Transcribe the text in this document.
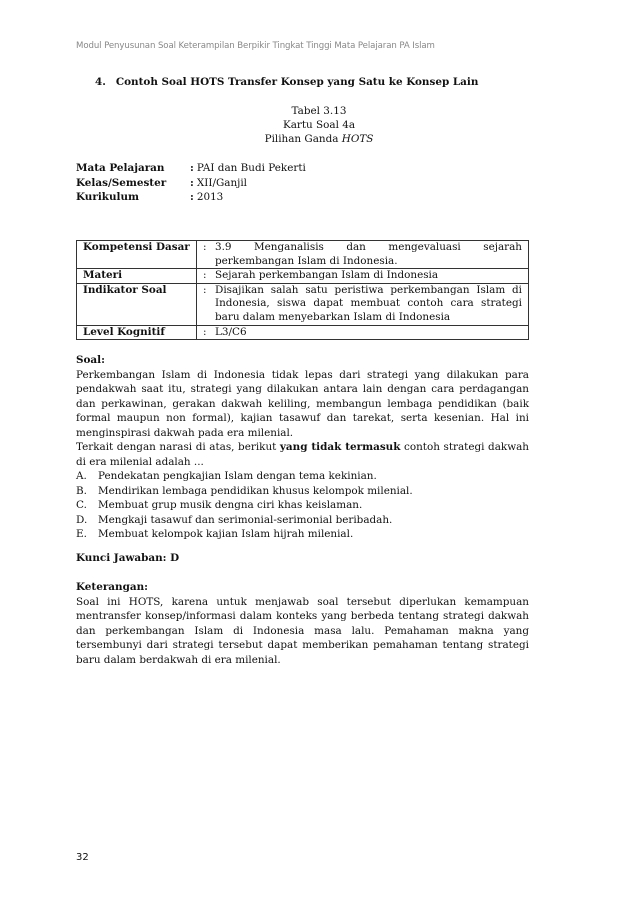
Modul Penyusunan Soal Keterampilan Berpikir Tingkat Tinggi Mata Pelajaran PA Islam
4. Contoh Soal HOTS Transfer Konsep yang Satu ke Konsep Lain
Tabel 3.13
Kartu Soal 4a
Pilihan Ganda HOTS
Mata Pelajaran	: PAI dan Budi Pekerti
Kelas/Semester	: XII/Ganjil
Kurikulum	: 2013
Kompetensi Dasar	: 3.9 Menganalisis dan mengevaluasi sejarah perkembangan Islam di Indonesia.

Materi	: Sejarah perkembangan Islam di Indonesia

Indikator Soal	: Disajikan salah satu peristiwa perkembangan Islam di Indonesia, siswa dapat membuat contoh cara strategi baru dalam menyebarkan Islam di Indonesia

Level Kognitif	: L3/C6
Soal:
Perkembangan Islam di Indonesia tidak lepas dari strategi yang dilakukan para pendakwah saat itu, strategi yang dilakukan antara lain dengan cara perdagangan dan perkawinan, gerakan dakwah keliling, membangun lembaga pendidikan (baik formal maupun non formal), kajian tasawuf dan tarekat, serta kesenian. Hal ini menginspirasi dakwah pada era milenial.
Terkait dengan narasi di atas, berikut yang tidak termasuk contoh strategi dakwah di era milenial adalah ...
A.	Pendekatan pengkajian Islam dengan tema kekinian.
B.	Mendirikan lembaga pendidikan khusus kelompok milenial.
C.	Membuat grup musik dengna ciri khas keislaman.
D.	Mengkaji tasawuf dan serimonial-serimonial beribadah.
E.	Membuat kelompok kajian Islam hijrah milenial.
Kunci Jawaban: D
Keterangan:
Soal ini HOTS, karena untuk menjawab soal tersebut diperlukan kemampuan mentransfer konsep/informasi dalam konteks yang berbeda tentang strategi dakwah dan perkembangan Islam di Indonesia masa lalu. Pemahaman makna yang tersembunyi dari strategi tersebut dapat memberikan pemahaman tentang strategi baru dalam berdakwah di era milenial.
32
